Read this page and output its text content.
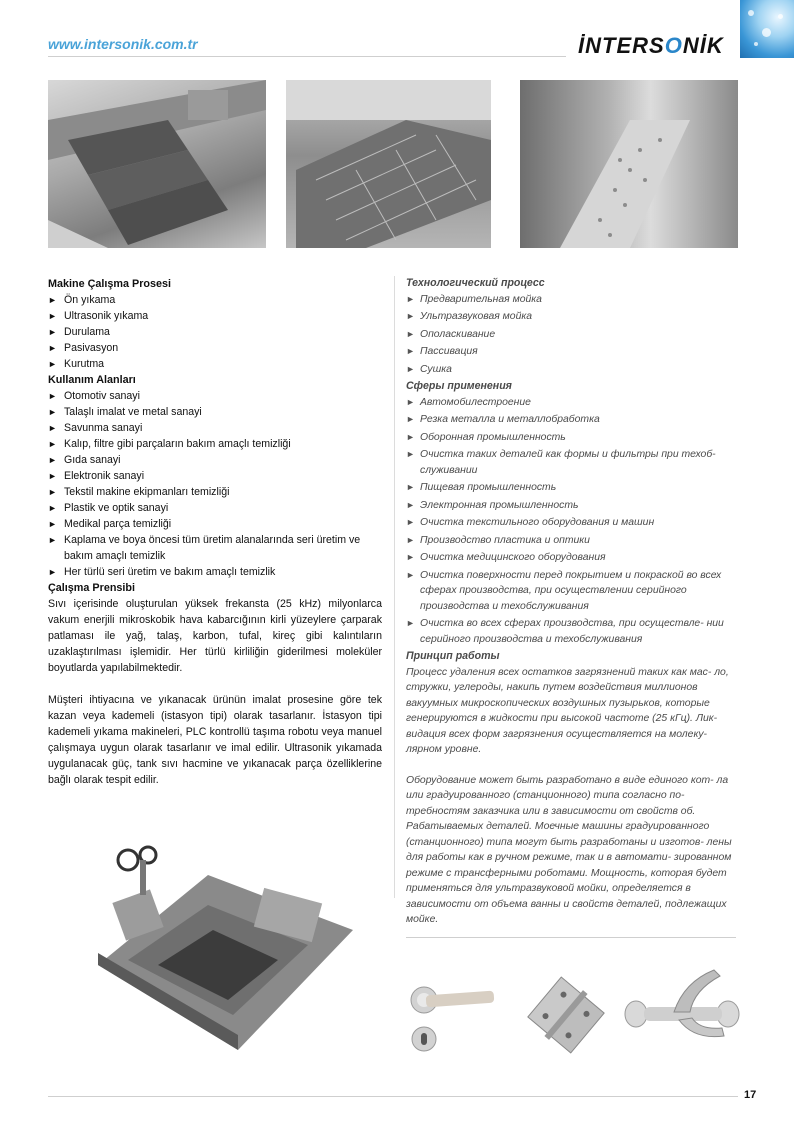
www.intersonik.com.tr	İNTERSONİK
Makine Çalışma Prosesi
► Ön yıkama
► Ultrasonik yıkama
► Durulama
► Pasivasyon
► Kurutma
Kullanım Alanları
► Otomotiv sanayi
► Talaşlı imalat ve metal sanayi
► Savunma sanayi
► Kalıp, filtre gibi parçaların bakım amaçlı temizliği
► Gıda sanayi
► Elektronik sanayi
► Tekstil makine ekipmanları temizliği
► Plastik ve optik sanayi
► Medikal parça temizliği
► Kaplama ve boya öncesi tüm üretim alanalarında seri üretim ve bakım amaçlı temizlik
► Her türlü seri üretim ve bakım amaçlı temizlik
Çalışma Prensibi

Sıvı içerisinde oluşturulan yüksek frekansta (25 kHz) milyonlarca vakum enerjili mikroskobik hava kabarcığının kirli yüzeylere çarparak patlaması ile yağ, talaş, karbon, tufal, kireç gibi kalıntıların uzaklaştırılması işlemidir. Her türlü kirliliğin giderilmesi moleküler boyutlarda yapılabilmektedir.

Müşteri ihtiyacına ve yıkanacak ürünün imalat prosesine göre tek kazan veya kademeli (istasyon tipi) olarak tasarlanır. İstasyon tipi kademeli yıkama makineleri, PLC kontrollü taşıma robotu veya manuel çalışmaya uygun olarak tasarlanır ve imal edilir. Ultrasonik yıkamada uygulanacak güç, tank sıvı hacmine ve yıkanacak parça özelliklerine bağlı olarak tespit edilir.

Технологический процесс
► Предварительная мойка
► Ультразвуковая мойка
► Ополаскивание
► Пассивация
► Сушка
Сферы применения
► Автомобилестроение
► Резка металла и металлобработка
► Оборонная промышленность
► Очистка таких деталей как формы и фильтры при техоб- служивании
► Пищевая промышленность
► Электронная промышленность
► Очистка текстильного оборудования и машин
► Производство пластика и оптики
► Очистка медицинского оборудования
► Очистка поверхности перед покрытием и покраской во всех сферах производства, при осуществлении серийного производства и техобслуживания
► Очистка во всех сферах производства, при осуществле- нии серийного производства и техобслуживания
Принцип работы

Процесс удаления всех остатков загрязнений таких как мас- ло, стружки, углероды, накипь путем воздействия миллионов вакуумных микроскопических воздушных пузырьков, которые генерируются в жидкости при высокой частоте (25 кГц). Лик- видация всех форм загрязнения осуществляется на молеку- лярном уровне.

Оборудование может быть разработано в виде единого кот- ла или градуированного (станционного) типа согласно по- требностям заказчика или в зависимости от свойств об. Рабатываемых деталей. Моечные машины градуированного (станционного) типа могут быть разработаны и изготов- лены для работы как в ручном режиме, так и в автомати- зированном режиме с трансферными роботами. Мощность, которая будет применяться для ультразвуковой мойки, определяется в зависимости от объема ванны и свойств деталей, подлежащих мойке.

17
